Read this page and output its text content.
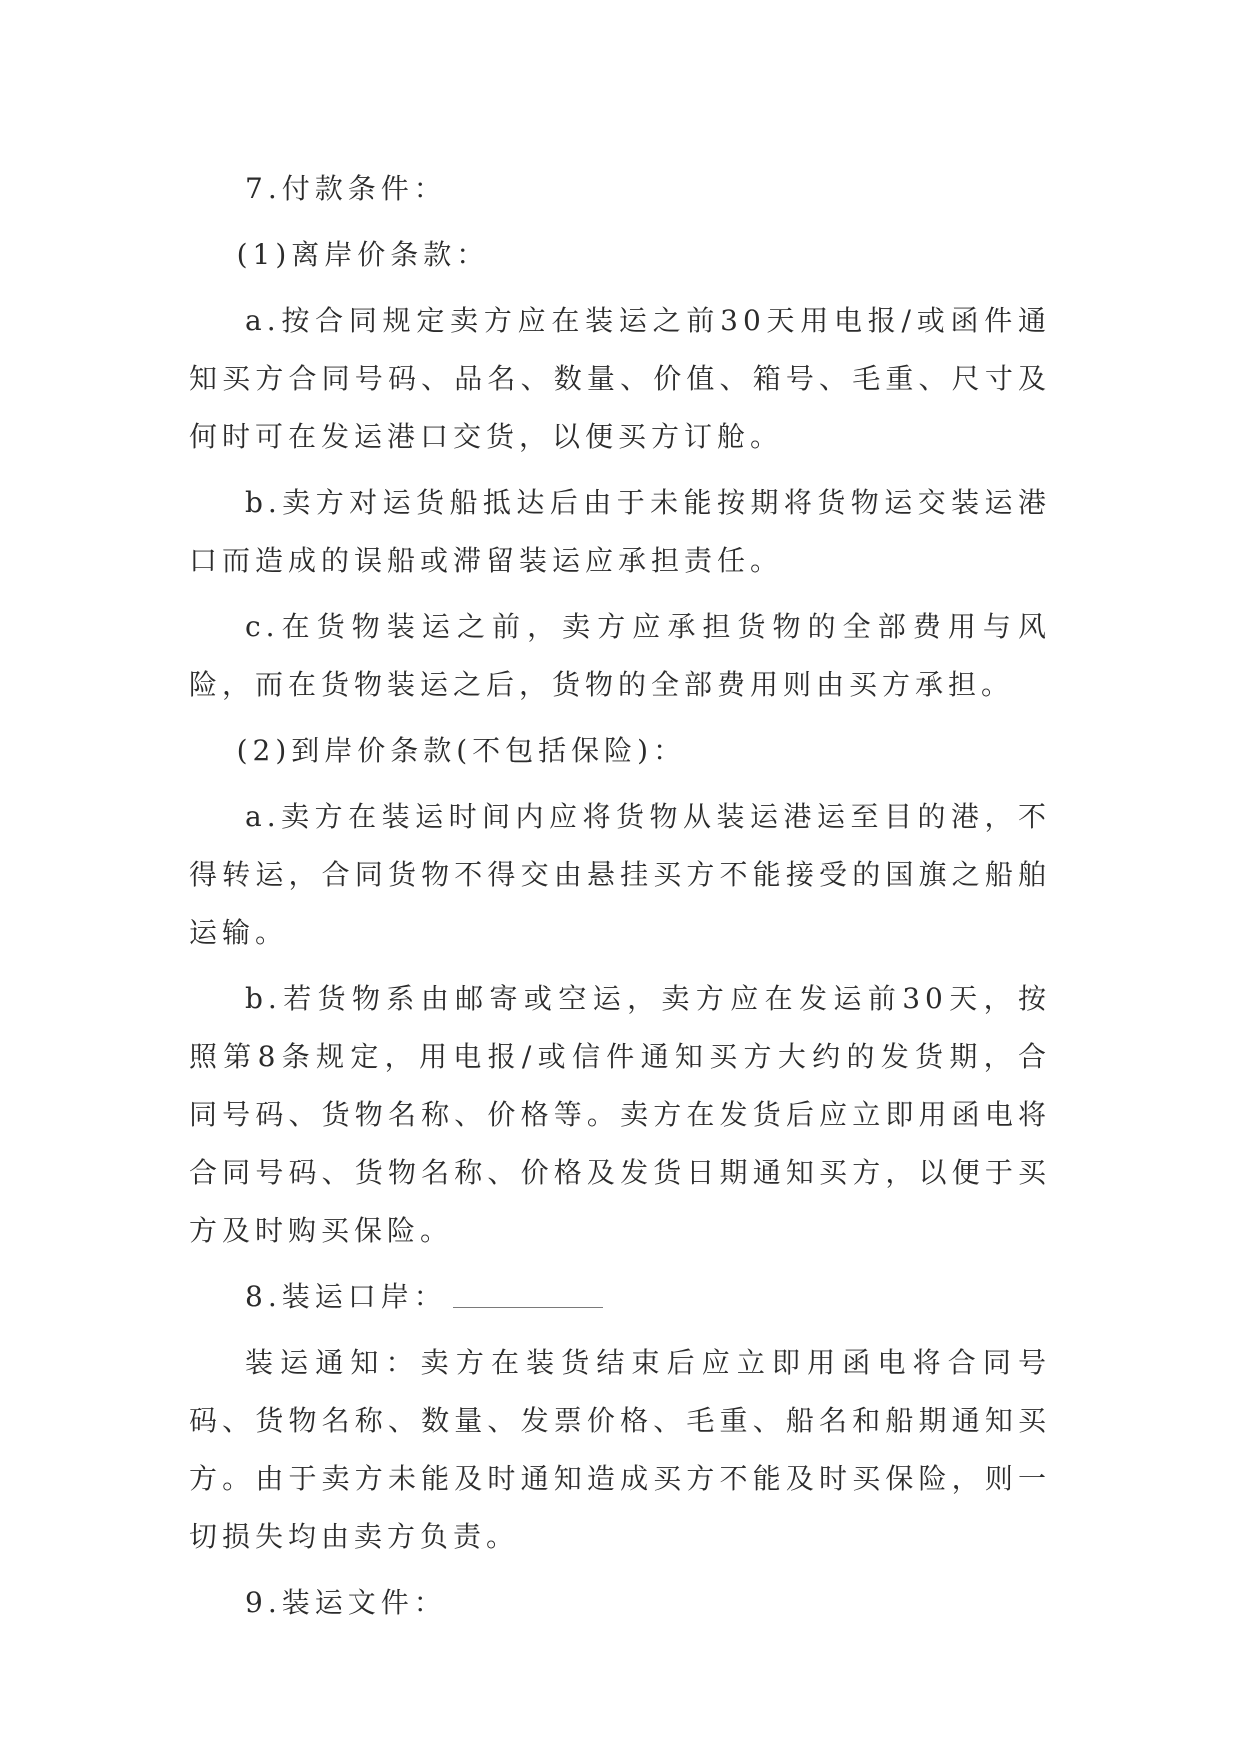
7.付款条件：

(1)离岸价条款：

a.按合同规定卖方应在装运之前30天用电报/或函件通知买方合同号码、品名、数量、价值、箱号、毛重、尺寸及何时可在发运港口交货，以便买方订舱。

b.卖方对运货船抵达后由于未能按期将货物运交装运港口而造成的误船或滞留装运应承担责任。

c.在货物装运之前，卖方应承担货物的全部费用与风险，而在货物装运之后，货物的全部费用则由买方承担。

(2)到岸价条款(不包括保险)：

a.卖方在装运时间内应将货物从装运港运至目的港，不得转运，合同货物不得交由悬挂买方不能接受的国旗之船舶运输。

b.若货物系由邮寄或空运，卖方应在发运前30天，按照第8条规定，用电报/或信件通知买方大约的发货期，合同号码、货物名称、价格等。卖方在发货后应立即用函电将合同号码、货物名称、价格及发货日期通知买方，以便于买方及时购买保险。

8.装运口岸：

装运通知：卖方在装货结束后应立即用函电将合同号码、货物名称、数量、发票价格、毛重、船名和船期通知买方。由于卖方未能及时通知造成买方不能及时买保险，则一切损失均由卖方负责。

9.装运文件：
